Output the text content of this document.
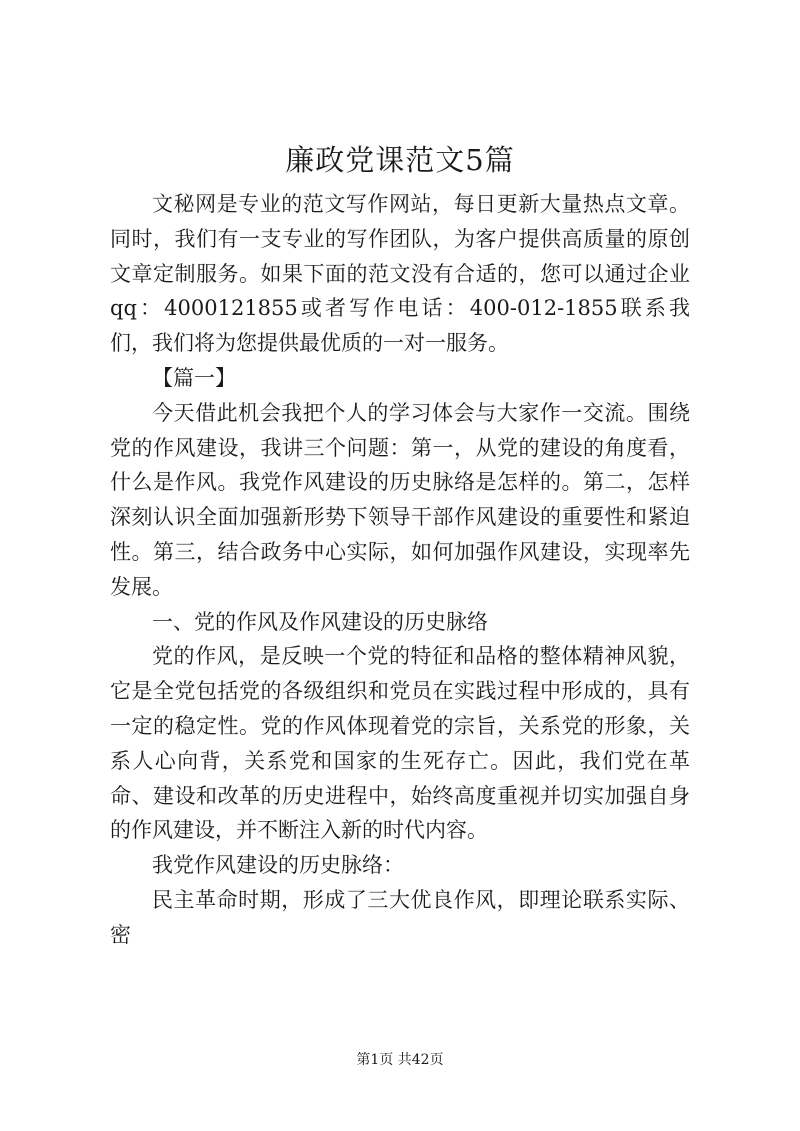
廉政党课范文5篇

文秘网是专业的范文写作网站，每日更新大量热点文章。同时，我们有一支专业的写作团队，为客户提供高质量的原创文章定制服务。如果下面的范文没有合适的，您可以通过企业qq：4000121855或者写作电话：400-012-1855联系我们，我们将为您提供最优质的一对一服务。

【篇一】

今天借此机会我把个人的学习体会与大家作一交流。围绕党的作风建设，我讲三个问题：第一，从党的建设的角度看，什么是作风。我党作风建设的历史脉络是怎样的。第二，怎样深刻认识全面加强新形势下领导干部作风建设的重要性和紧迫性。第三，结合政务中心实际，如何加强作风建设，实现率先发展。

一、党的作风及作风建设的历史脉络

党的作风，是反映一个党的特征和品格的整体精神风貌，它是全党包括党的各级组织和党员在实践过程中形成的，具有一定的稳定性。党的作风体现着党的宗旨，关系党的形象，关系人心向背，关系党和国家的生死存亡。因此，我们党在革命、建设和改革的历史进程中，始终高度重视并切实加强自身的作风建设，并不断注入新的时代内容。

我党作风建设的历史脉络：

民主革命时期，形成了三大优良作风，即理论联系实际、密

第1页 共42页
